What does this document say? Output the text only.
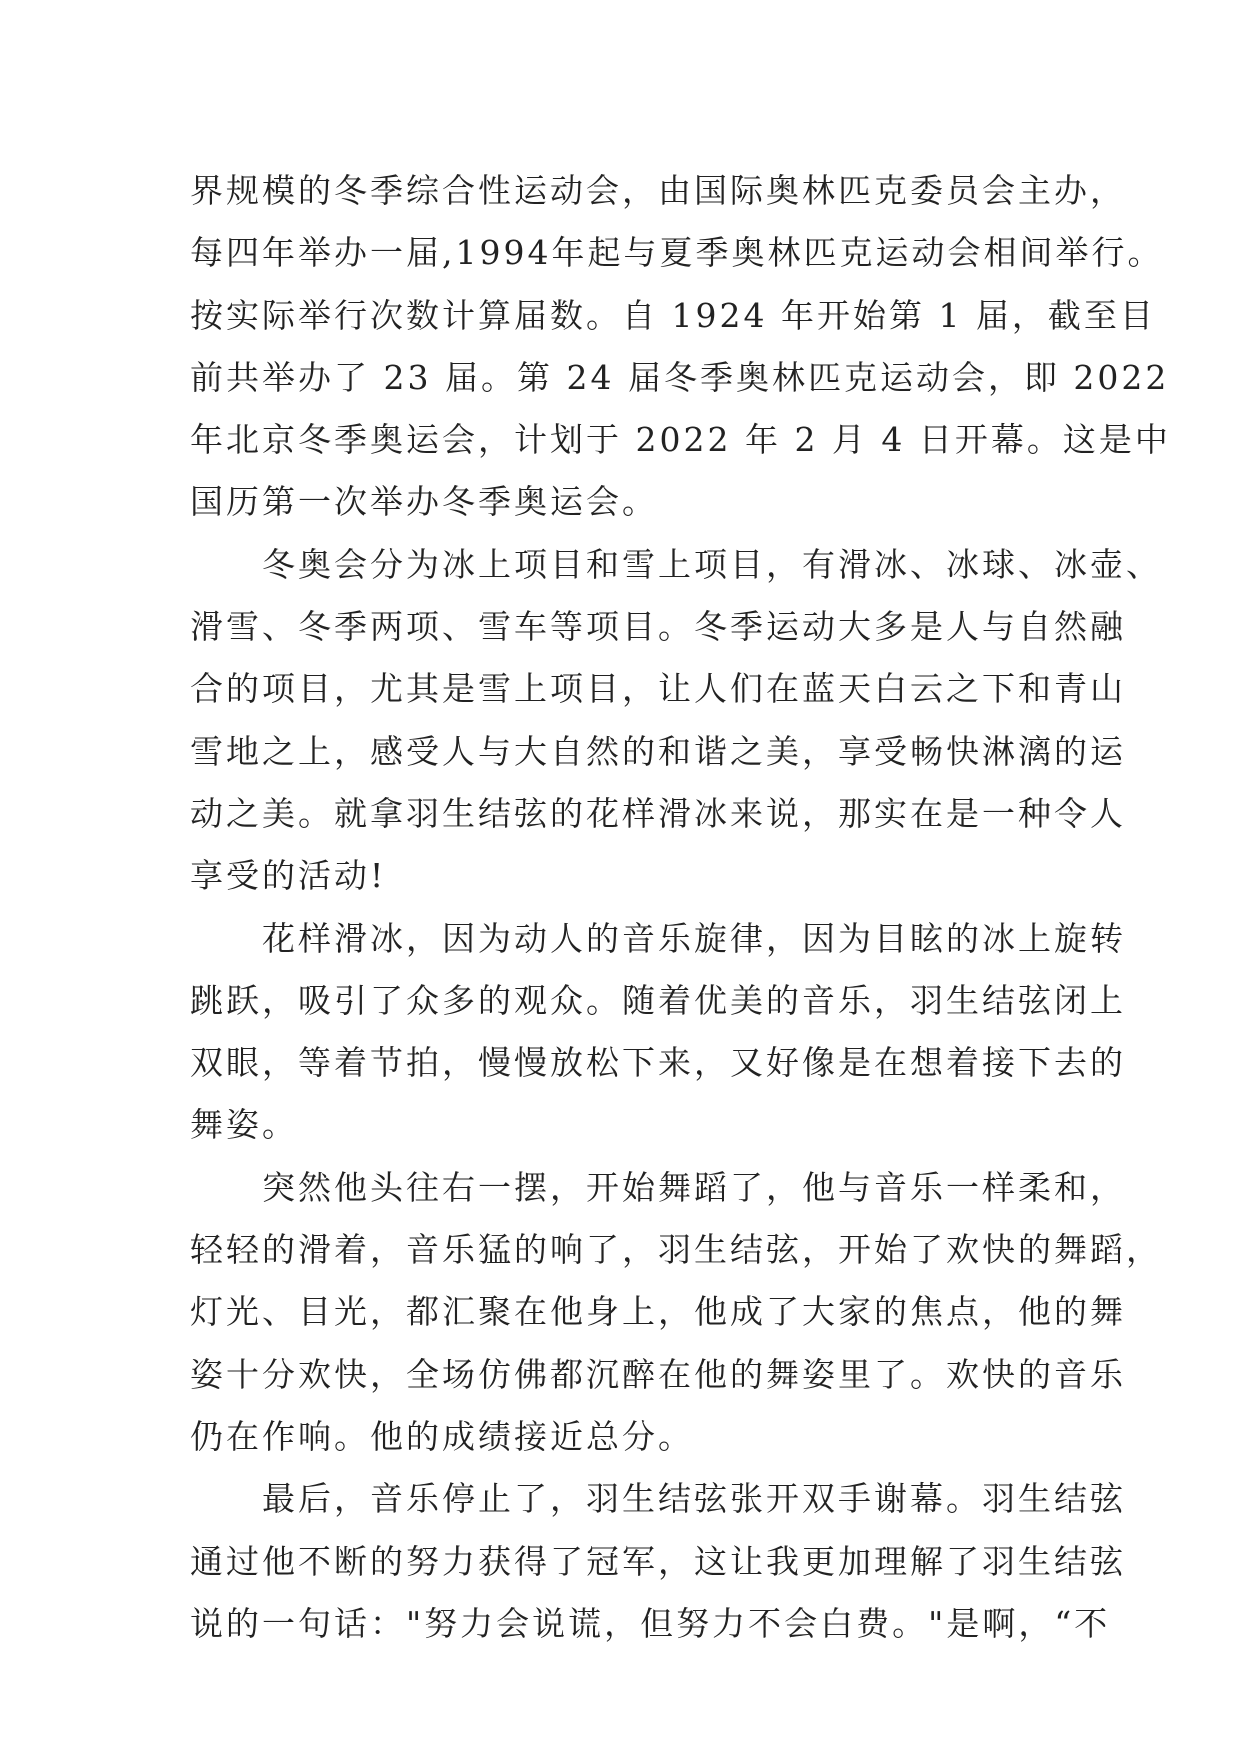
界规模的冬季综合性运动会，由国际奥林匹克委员会主办，
每四年举办一届,1994年起与夏季奥林匹克运动会相间举行。
按实际举行次数计算届数。自 1924 年开始第 1 届，截至目
前共举办了 23 届。第 24 届冬季奥林匹克运动会，即 2022
年北京冬季奥运会，计划于 2022 年 2 月 4 日开幕。这是中
国历第一次举办冬季奥运会。
　　冬奥会分为冰上项目和雪上项目，有滑冰、冰球、冰壶、
滑雪、冬季两项、雪车等项目。冬季运动大多是人与自然融
合的项目，尤其是雪上项目，让人们在蓝天白云之下和青山
雪地之上，感受人与大自然的和谐之美，享受畅快淋漓的运
动之美。就拿羽生结弦的花样滑冰来说，那实在是一种令人
享受的活动!
　　花样滑冰，因为动人的音乐旋律，因为目眩的冰上旋转
跳跃，吸引了众多的观众。随着优美的音乐，羽生结弦闭上
双眼，等着节拍，慢慢放松下来，又好像是在想着接下去的
舞姿。
　　突然他头往右一摆，开始舞蹈了，他与音乐一样柔和，
轻轻的滑着，音乐猛的响了，羽生结弦，开始了欢快的舞蹈，
灯光、目光，都汇聚在他身上，他成了大家的焦点，他的舞
姿十分欢快，全场仿佛都沉醉在他的舞姿里了。欢快的音乐
仍在作响。他的成绩接近总分。
　　最后，音乐停止了，羽生结弦张开双手谢幕。羽生结弦
通过他不断的努力获得了冠军，这让我更加理解了羽生结弦
说的一句话："努力会说谎，但努力不会白费。"是啊，“不
